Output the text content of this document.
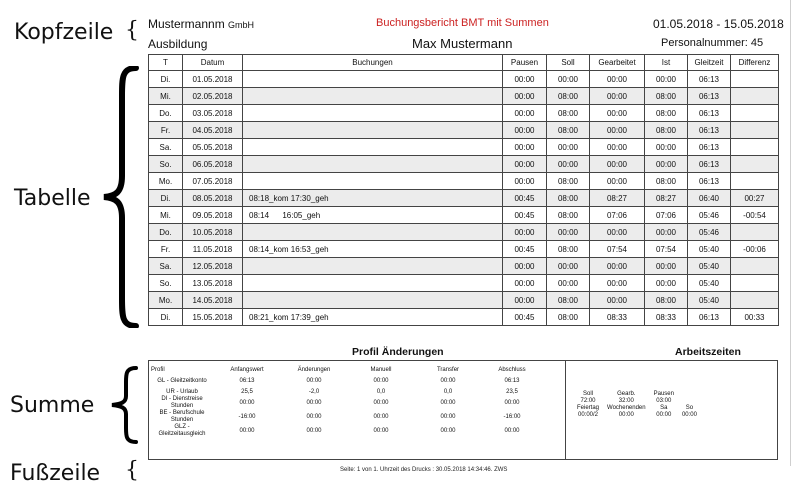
Kopfzeile {
Tabelle
Summe
Fußzeile {
Mustermannm GmbH	Buchungsbericht BMT mit Summen	01.05.2018 - 15.05.2018
Ausbildung	Max Mustermann	Personalnummer: 45
T	Datum	Buchungen	Pausen	Soll	Gearbeitet	Ist	Gleitzeit	Differenz
Di.	01.05.2018		00:00	00:00	00:00	00:00	06:13	
Mi.	02.05.2018		00:00	08:00	00:00	08:00	06:13	
Do.	03.05.2018		00:00	08:00	00:00	08:00	06:13	
Fr.	04.05.2018		00:00	08:00	00:00	08:00	06:13	
Sa.	05.05.2018		00:00	00:00	00:00	00:00	06:13	
So.	06.05.2018		00:00	00:00	00:00	00:00	06:13	
Mo.	07.05.2018		00:00	08:00	00:00	08:00	06:13	
Di.	08.05.2018	08:18_kom 17:30_geh	00:45	08:00	08:27	08:27	06:40	00:27
Mi.	09.05.2018	08:14      16:05_geh	00:45	08:00	07:06	07:06	05:46	-00:54
Do.	10.05.2018		00:00	00:00	00:00	00:00	05:46	
Fr.	11.05.2018	08:14_kom 16:53_geh	00:45	08:00	07:54	07:54	05:40	-00:06
Sa.	12.05.2018		00:00	00:00	00:00	00:00	05:40	
So.	13.05.2018		00:00	00:00	00:00	00:00	05:40	
Mo.	14.05.2018		00:00	08:00	00:00	08:00	05:40	
Di.	15.05.2018	08:21_kom 17:39_geh	00:45	08:00	08:33	08:33	06:13	00:33
Profil Änderungen	Arbeitszeiten
Profil	Anfangswert	Änderungen	Manuell	Transfer	Abschluss
GL - Gleitzeitkonto	06:13	00:00	00:00	00:00	06:13
UR - Urlaub	25,5	-2,0	0,0	0,0	23,5
DI - Dienstreise Stunden	00:00	00:00	00:00	00:00	00:00
BE - Berufschule Stunden	-16:00	00:00	00:00	00:00	-16:00
GLZ - Gleitzeitausgleich	00:00	00:00	00:00	00:00	00:00
Soll	Gearb.	Pausen	
72:00	32:00	03:00	
Feiertag	Wochenenden	Sa	So
00:00/2	00:00	00:00	00:00
Seite: 1 von 1. Uhrzeit des Drucks : 30.05.2018 14:34:46. ZWS
